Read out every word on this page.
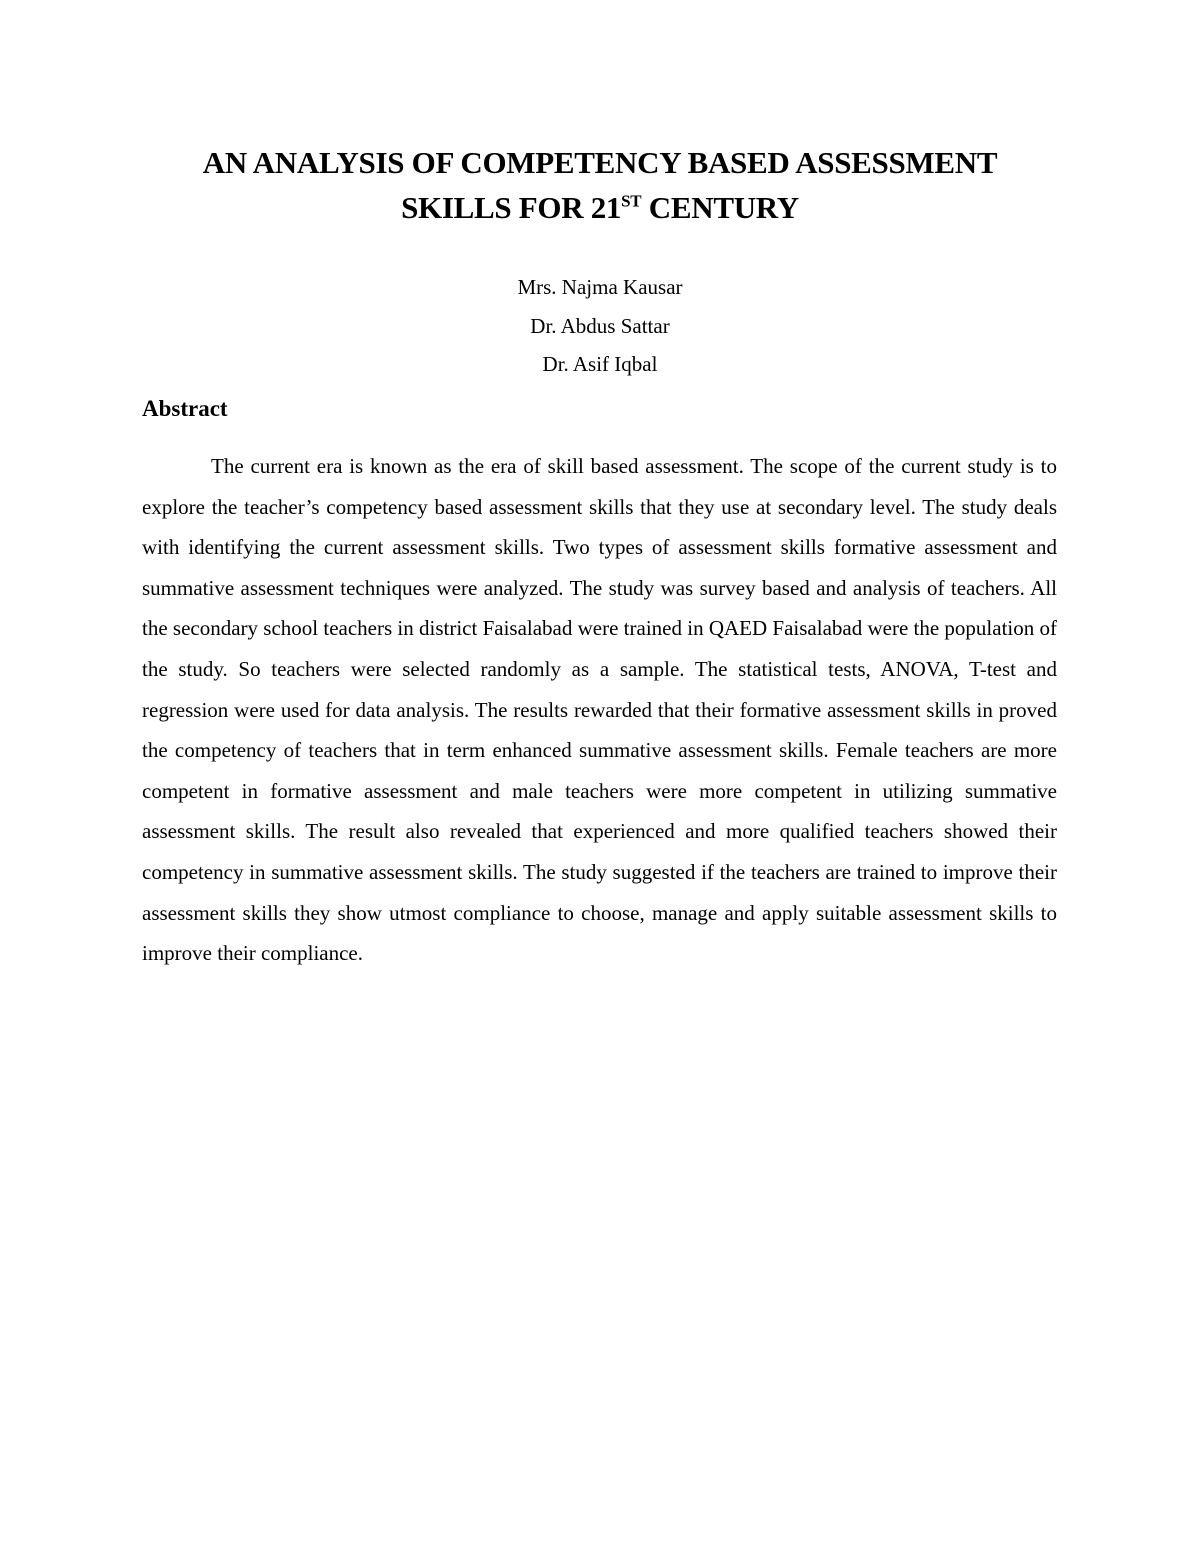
AN ANALYSIS OF COMPETENCY BASED ASSESSMENT
SKILLS FOR 21ST CENTURY
Mrs. Najma Kausar
Dr. Abdus Sattar
Dr. Asif Iqbal
Abstract

The current era is known as the era of skill based assessment. The scope of the current study is to explore the teacher’s competency based assessment skills that they use at secondary level. The study deals with identifying the current assessment skills. Two types of assessment skills formative assessment and summative assessment techniques were analyzed. The study was survey based and analysis of teachers. All the secondary school teachers in district Faisalabad were trained in QAED Faisalabad were the population of the study. So teachers were selected randomly as a sample. The statistical tests, ANOVA, T-test and regression were used for data analysis. The results rewarded that their formative assessment skills in proved the competency of teachers that in term enhanced summative assessment skills. Female teachers are more competent in formative assessment and male teachers were more competent in utilizing summative assessment skills. The result also revealed that experienced and more qualified teachers showed their competency in summative assessment skills. The study suggested if the teachers are trained to improve their assessment skills they show utmost compliance to choose, manage and apply suitable assessment skills to improve their compliance.
